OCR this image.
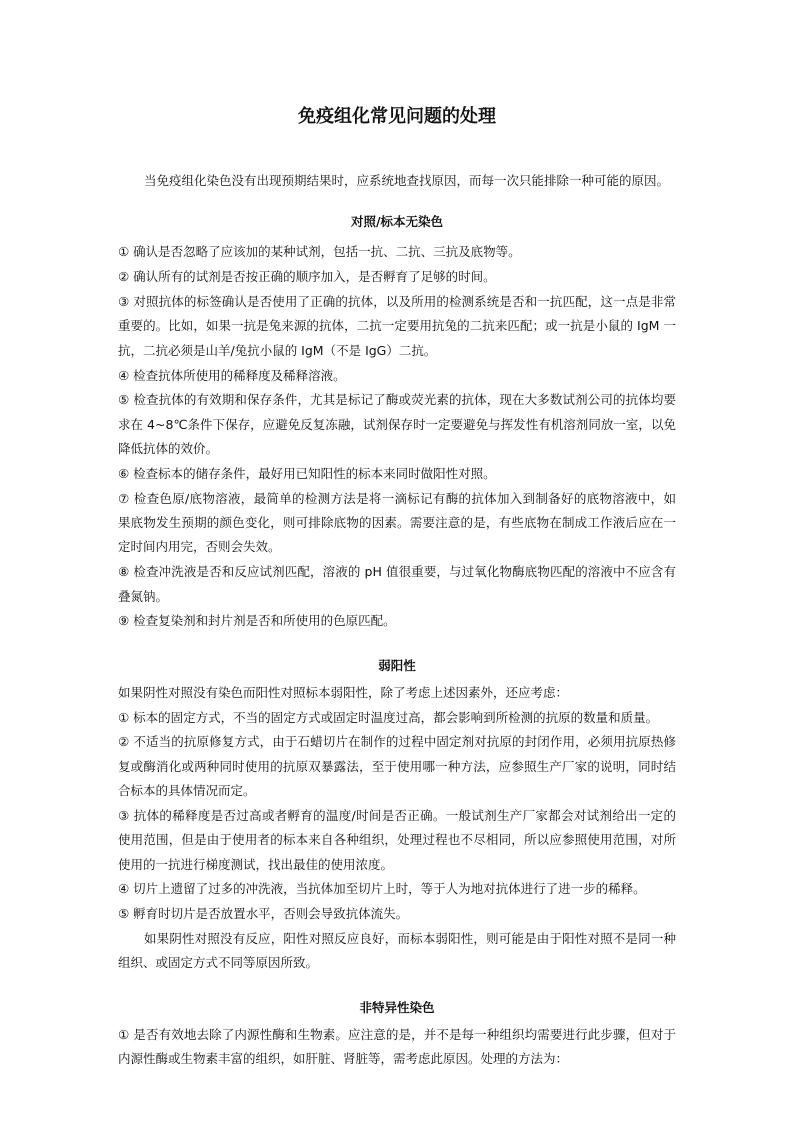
免疫组化常见问题的处理
当免疫组化染色没有出现预期结果时，应系统地查找原因，而每一次只能排除一种可能的原因。
对照/标本无染色
① 确认是否忽略了应该加的某种试剂，包括一抗、二抗、三抗及底物等。
② 确认所有的试剂是否按正确的顺序加入，是否孵育了足够的时间。
③ 对照抗体的标签确认是否使用了正确的抗体，以及所用的检测系统是否和一抗匹配，这一点是非常
重要的。比如，如果一抗是兔来源的抗体，二抗一定要用抗兔的二抗来匹配；或一抗是小鼠的 IgM 一
抗，二抗必须是山羊/兔抗小鼠的 IgM（不是 IgG）二抗。
④ 检查抗体所使用的稀释度及稀释溶液。
⑤ 检查抗体的有效期和保存条件，尤其是标记了酶或荧光素的抗体，现在大多数试剂公司的抗体均要
求在 4~8℃条件下保存，应避免反复冻融，试剂保存时一定要避免与挥发性有机溶剂同放一室，以免
降低抗体的效价。
⑥ 检查标本的储存条件，最好用已知阳性的标本来同时做阳性对照。
⑦ 检查色原/底物溶液，最简单的检测方法是将一滴标记有酶的抗体加入到制备好的底物溶液中，如
果底物发生预期的颜色变化，则可排除底物的因素。需要注意的是，有些底物在制成工作液后应在一
定时间内用完，否则会失效。
⑧ 检查冲洗液是否和反应试剂匹配，溶液的 pH 值很重要，与过氧化物酶底物匹配的溶液中不应含有
叠氮钠。
⑨ 检查复染剂和封片剂是否和所使用的色原匹配。
弱阳性
如果阴性对照没有染色而阳性对照标本弱阳性，除了考虑上述因素外，还应考虑：
① 标本的固定方式，不当的固定方式或固定时温度过高，都会影响到所检测的抗原的数量和质量。
② 不适当的抗原修复方式，由于石蜡切片在制作的过程中固定剂对抗原的封闭作用，必须用抗原热修
复或酶消化或两种同时使用的抗原双暴露法，至于使用哪一种方法，应参照生产厂家的说明，同时结
合标本的具体情况而定。
③ 抗体的稀释度是否过高或者孵育的温度/时间是否正确。一般试剂生产厂家都会对试剂给出一定的
使用范围，但是由于使用者的标本来自各种组织，处理过程也不尽相同，所以应参照使用范围，对所
使用的一抗进行梯度测试，找出最佳的使用浓度。
④ 切片上遗留了过多的冲洗液，当抗体加至切片上时，等于人为地对抗体进行了进一步的稀释。
⑤ 孵育时切片是否放置水平，否则会导致抗体流失。
如果阴性对照没有反应，阳性对照反应良好，而标本弱阳性，则可能是由于阳性对照不是同一种
组织、或固定方式不同等原因所致。
非特异性染色
① 是否有效地去除了内源性酶和生物素。应注意的是，并不是每一种组织均需要进行此步骤，但对于
内源性酶或生物素丰富的组织，如肝脏、肾脏等，需考虑此原因。处理的方法为：
